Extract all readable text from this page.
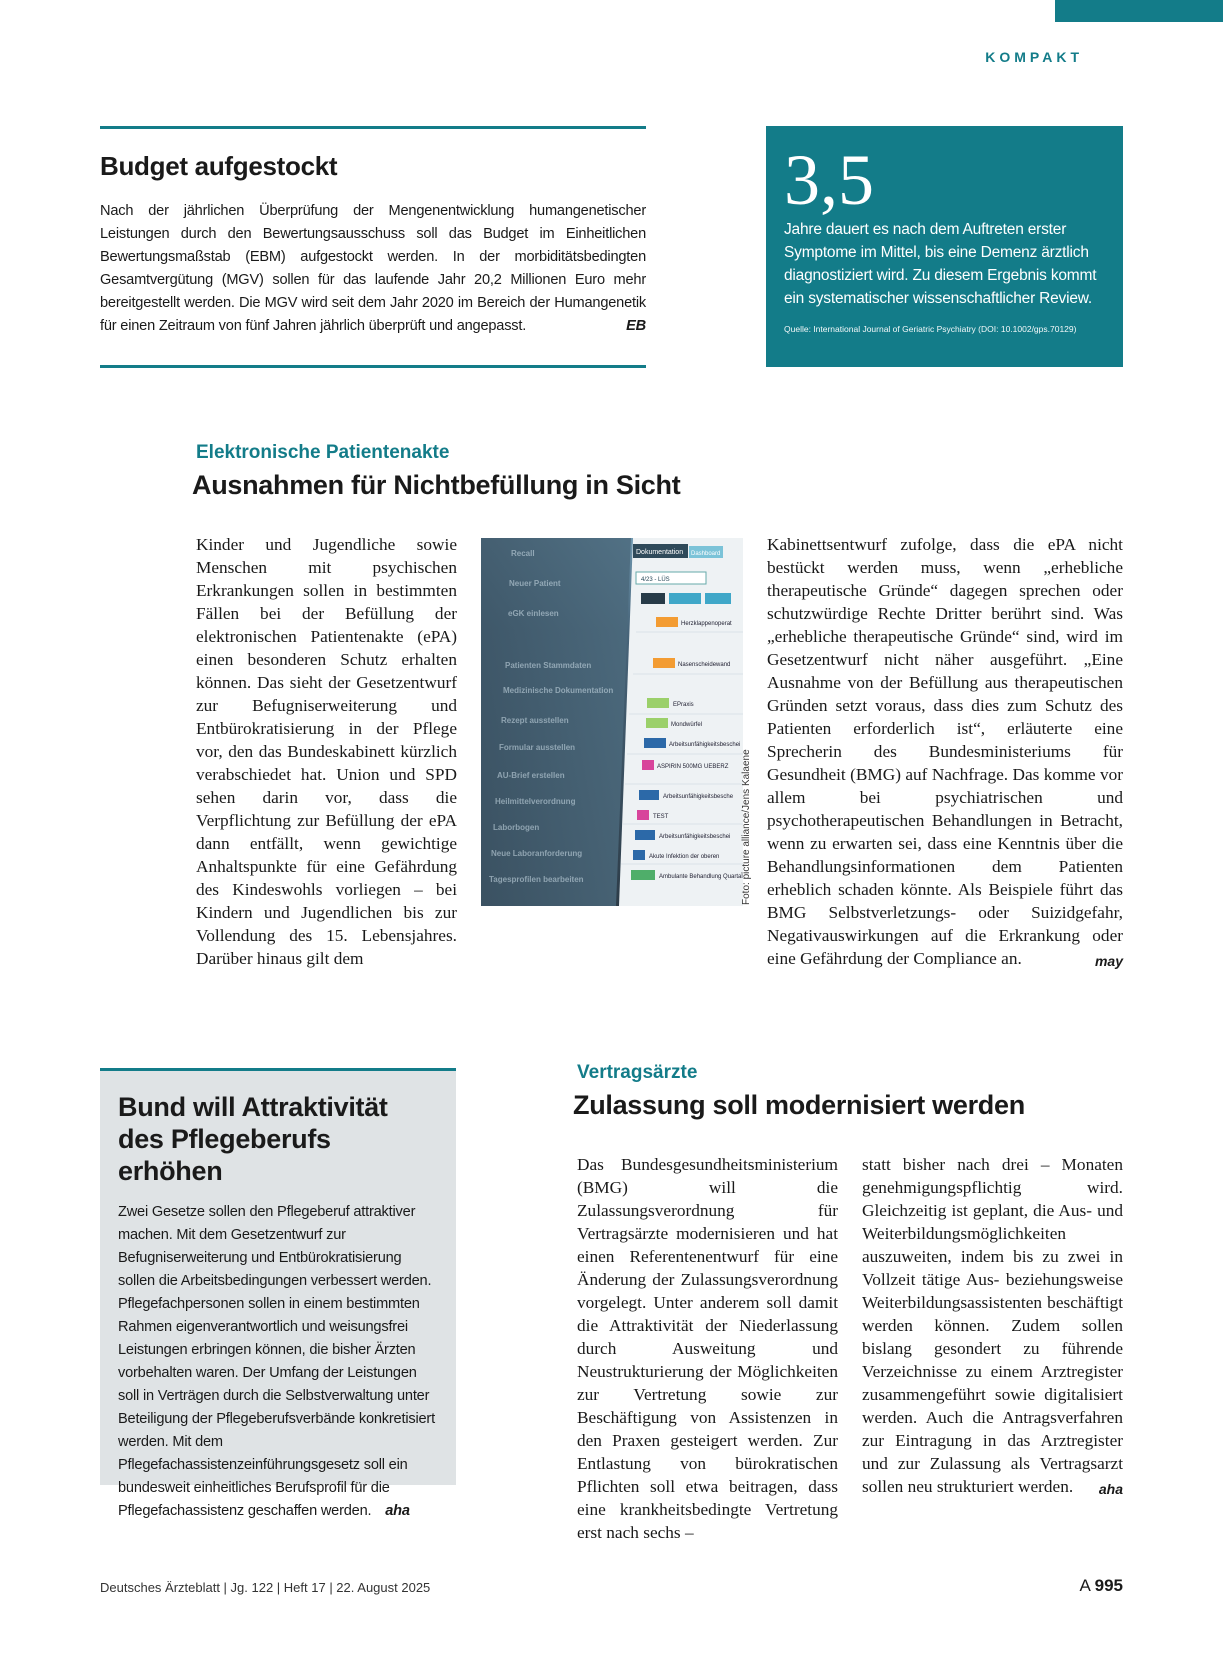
KOMPAKT
Budget aufgestockt

Nach der jährlichen Überprüfung der Mengenentwicklung humangenetischer Leistungen durch den Bewertungsausschuss soll das Budget im Einheitlichen Bewertungsmaßstab (EBM) aufgestockt werden. In der morbiditätsbedingten Gesamtvergütung (MGV) sollen für das laufende Jahr 20,2 Millionen Euro mehr bereitgestellt werden. Die MGV wird seit dem Jahr 2020 im Bereich der Humangenetik für einen Zeitraum von fünf Jahren jährlich überprüft und angepasst.	EB

3,5
Jahre dauert es nach dem Auftreten erster Symptome im Mittel, bis eine Demenz ärztlich diagnostiziert wird. Zu diesem Ergebnis kommt ein systematischer wissenschaftlicher Review.
Quelle: International Journal of Geriatric Psychiatry (DOI: 10.1002/gps.70129)
Elektronische Patientenakte
Ausnahmen für Nichtbefüllung in Sicht
Kinder und Jugendliche sowie Menschen mit psychischen Erkrankungen sollen in bestimmten Fällen bei der Befüllung der elektronischen Patientenakte (ePA) einen besonderen Schutz erhalten können. Das sieht der Gesetzentwurf zur Befugniserweiterung und Entbürokratisierung in der Pflege vor, den das Bundeskabinett kürzlich verabschiedet hat. Union und SPD sehen darin vor, dass die Verpflichtung zur Befüllung der ePA dann entfällt, wenn gewichtige Anhaltspunkte für eine Gefährdung des Kindeswohls vorliegen – bei Kindern und Jugendlichen bis zur Vollendung des 15. Lebensjahres. Darüber hinaus gilt dem
Recall
Neuer Patient
eGK einlesen
Patienten Stammdaten
Medizinische Dokumentation
Rezept ausstellen
Formular ausstellen
AU-Brief erstellen
Heilmittelverordnung
Laborbogen
Neue Laboranforderung
Tagesprofilen bearbeiten
Dokumentation Dashboard
4/23 - LÜS
Herzklappenoperat
Nasenscheidewand
EPraxis
Mondwürfel
Arbeitsunfähigkeitsbeschei
ASPIRIN 500MG UEBERZ
Arbeitsunfähigkeitsbesche
TEST
Arbeitsunfähigkeitsbeschei
Akute Infektion der oberen
Ambulante Behandlung Quartal
Foto: picture alliance/Jens Kalaene
Kabinettsentwurf zufolge, dass die ePA nicht bestückt werden muss, wenn „erhebliche therapeutische Gründe“ dagegen sprechen oder schutzwürdige Rechte Dritter berührt sind. Was „erhebliche therapeutische Gründe“ sind, wird im Gesetzentwurf nicht näher ausgeführt. „Eine Ausnahme von der Befüllung aus therapeutischen Gründen setzt voraus, dass dies zum Schutz des Patienten erforderlich ist“, erläuterte eine Sprecherin des Bundesministeriums für Gesundheit (BMG) auf Nachfrage. Das komme vor allem bei psychiatrischen und psychotherapeutischen Behandlungen in Betracht, wenn zu erwarten sei, dass eine Kenntnis über die Behandlungsinformationen dem Patienten erheblich schaden könnte. Als Beispiele führt das BMG Selbstverletzungs- oder Suizidgefahr, Negativauswirkungen auf die Erkrankung oder eine Gefährdung der Compliance an.	may
Bund will Attraktivität des Pflegeberufs erhöhen

Zwei Gesetze sollen den Pflegeberuf attraktiver machen. Mit dem Gesetzentwurf zur Befugniserweiterung und Entbürokratisierung sollen die Arbeitsbedingungen verbessert werden. Pflegefachpersonen sollen in einem bestimmten Rahmen eigenverantwortlich und weisungsfrei Leistungen erbringen können, die bisher Ärzten vorbehalten waren. Der Umfang der Leistungen soll in Verträgen durch die Selbstverwaltung unter Beteiligung der Pflegeberufsverbände konkretisiert werden. Mit dem Pflegefachassistenzeinführungsgesetz soll ein bundesweit einheitliches Berufsprofil für die Pflegefachassistenz geschaffen werden. aha

Vertragsärzte
Zulassung soll modernisiert werden
Das Bundesgesundheitsministerium (BMG) will die Zulassungsverordnung für Vertragsärzte modernisieren und hat einen Referentenentwurf für eine Änderung der Zulassungsverordnung vorgelegt. Unter anderem soll damit die Attraktivität der Niederlassung durch Ausweitung und Neustrukturierung der Möglichkeiten zur Vertretung sowie zur Beschäftigung von Assistenzen in den Praxen gesteigert werden. Zur Entlastung von bürokratischen Pflichten soll etwa beitragen, dass eine krankheitsbedingte Vertretung erst nach sechs –
statt bisher nach drei – Monaten genehmigungspflichtig wird. Gleichzeitig ist geplant, die Aus- und Weiterbildungsmöglichkeiten auszuweiten, indem bis zu zwei in Vollzeit tätige Aus- beziehungsweise Weiterbildungsassistenten beschäftigt werden können. Zudem sollen bislang gesondert zu führende Verzeichnisse zu einem Arztregister zusammengeführt sowie digitalisiert werden. Auch die Antragsverfahren zur Eintragung in das Arztregister und zur Zulassung als Vertragsarzt sollen neu strukturiert werden. aha
Deutsches Ärzteblatt | Jg. 122 | Heft 17 | 22. August 2025	A 995
